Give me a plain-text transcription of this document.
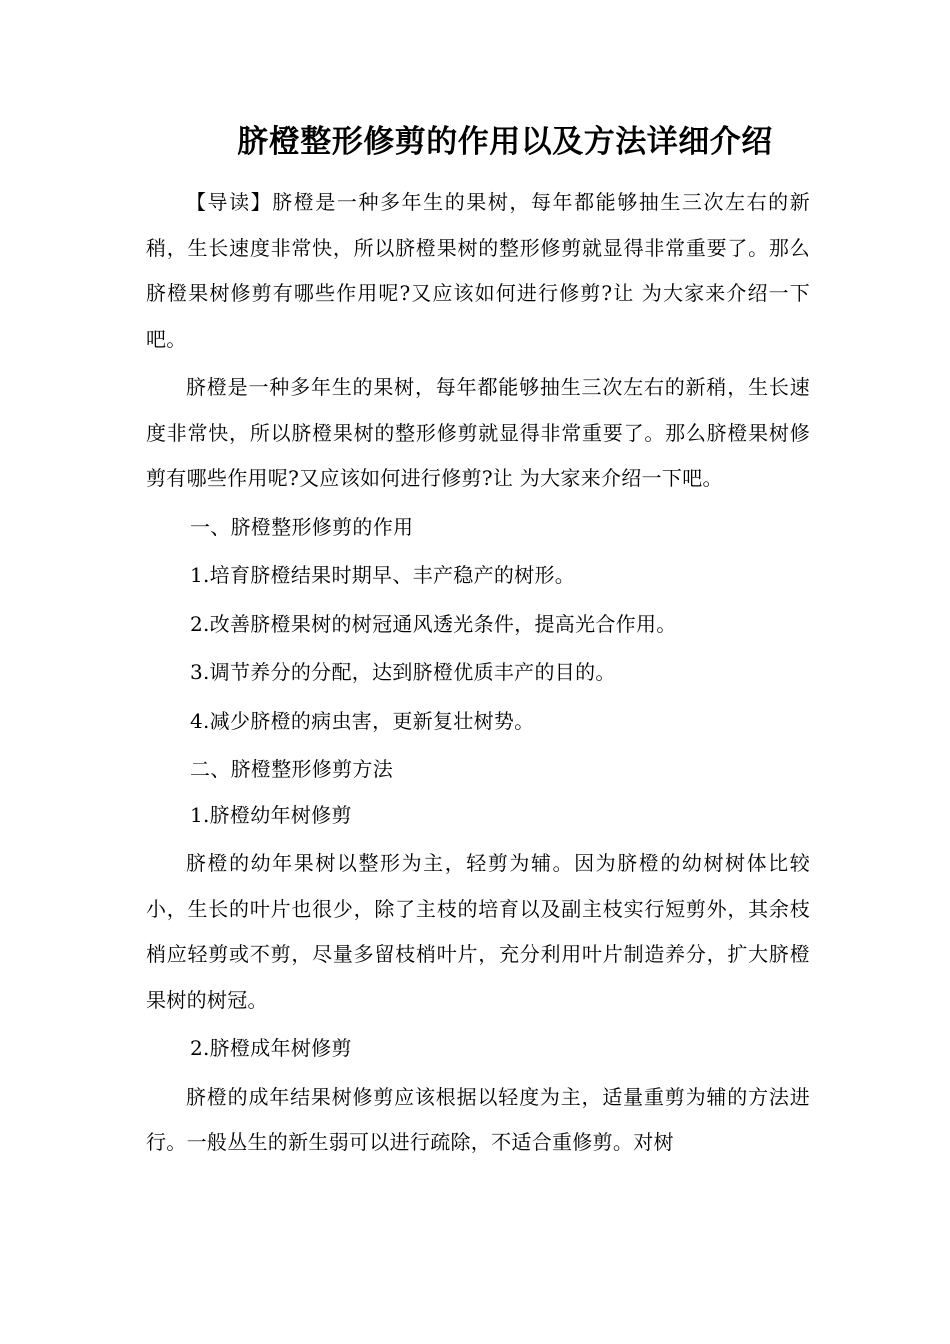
脐橙整形修剪的作用以及方法详细介绍

【导读】脐橙是一种多年生的果树，每年都能够抽生三次左右的新稍，生长速度非常快，所以脐橙果树的整形修剪就显得非常重要了。那么脐橙果树修剪有哪些作用呢?又应该如何进行修剪?让 为大家来介绍一下吧。

脐橙是一种多年生的果树，每年都能够抽生三次左右的新稍，生长速度非常快，所以脐橙果树的整形修剪就显得非常重要了。那么脐橙果树修剪有哪些作用呢?又应该如何进行修剪?让 为大家来介绍一下吧。

一、脐橙整形修剪的作用

1.培育脐橙结果时期早、丰产稳产的树形。

2.改善脐橙果树的树冠通风透光条件，提高光合作用。

3.调节养分的分配，达到脐橙优质丰产的目的。

4.减少脐橙的病虫害，更新复壮树势。

二、脐橙整形修剪方法

1.脐橙幼年树修剪

脐橙的幼年果树以整形为主，轻剪为辅。因为脐橙的幼树树体比较小，生长的叶片也很少，除了主枝的培育以及副主枝实行短剪外，其余枝梢应轻剪或不剪，尽量多留枝梢叶片，充分利用叶片制造养分，扩大脐橙果树的树冠。

2.脐橙成年树修剪

脐橙的成年结果树修剪应该根据以轻度为主，适量重剪为辅的方法进行。一般丛生的新生弱可以进行疏除，不适合重修剪。对树
